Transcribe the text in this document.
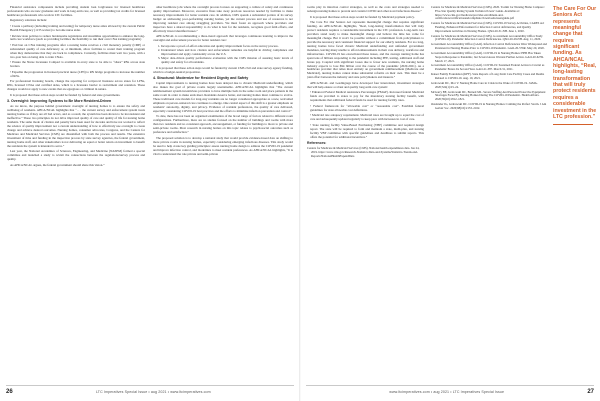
Financial assistance components include providing student loan forgiveness for licensed healthcare professionals who are new graduates and work in long-term care, as well as providing tax credits for licensed healthcare professionals who work in LTC facilities.

Regulatory solutions include:

• Create a pathway (including training and testing) for temporary nurse aides allowed by the current Public Health Emergency (1135 waiver) to become nurse aides

• Review state policies to reduce burdensome regulations and streamline opportunities to enhance the long-term care workforce (such as providing facilities the flexibility to run their own CNA training programs)

• End ban on CNA training programs after a nursing home receives a civil monetary penalty (CMP) or substandard quality of care deficiency or, at minimum, allow facilities to restart their training program when they demonstrate that they are back in compliance. Currently, facilities must wait two years, with a two-year ban on being able to train CNAs.

• Ensure the Nurse Licensure Compact is available in every state to be able to “share” RNs across state borders.

• Expedite the progression in licensed practical nurse (LPN) to RN bridge programs to increase the number of RNs.

For professional licensing boards, change the reporting for reciprocal licensure across states for LPNs, RNs, licensed CNAs and certified aides, which is a licensure barrier to recruitment and retention. These changes would not apply to new events that are egregious or criminal in nature.

It is proposed that these action steps would be funded by federal and state governments.

3. Oversight: Improving Systems to Be More Resident-Driven

As we know, the purpose behind government oversight of nursing homes is to ensure the safety and wellbeing of residents. AHCA/NCAL highlights that “. . . the current survey and enforcement system treats nursing homes as if they are all bad actors, and as a result, the system has been shown to be inconsistent and ineffective.” These two principles do not drive improved quality of care and quality of life for nursing home residents. The same mode of citation and penalty have been used for decades and have not worked to reflect the science of quality improvement nor a current understanding of how to effectively use oversight to create change and achieve desired outcomes. Nursing homes, consumer advocates, Congress, and the Centers for Medicare and Medicaid Services (CMS) are dissatisfied with both the process and results. The extensive investment of time and funding in the inspection process by state survey agencies, the federal government, nursing home staff, and other stakeholders is not delivering an equal or better return on investment to benefit the residents the system is intended to serve.”

Last year, the National Academies of Sciences, Engineering, and Medicine (NASEM) formed a special committee and launched a study to revisit the connections between the regulations/survey process and quality.

As AHCA/NCAL argues, the federal government should share this vision.”

other healthcare jobs where the oversight process focuses on supporting a culture of safety and continuous quality improvement. Moreover, excessive fines take away precious resources needed by facilities to make necessary improvements for better resident care. In addition, CMS spends a substantial portion of its survey budget on addressing poor-performing nursing homes, yet the current process and use of resources is not improving resident care among struggling providers. We must foster an approach where providers and inspectors have a shared responsibility to do what is best for the residents, recognize good faith efforts, and effectively invest identified issues.”

AHCA/NCAL is recommending a three-tiered approach that leverages continuous learning to improve the oversight and enforcement process for better resident care:

1. Incorporate a proof-of-effort education and quality improvement focus on the survey process.
2. Understand when and how citation and enforcement remedies are helpful in driving compliance and improvement and apply consistently across the U.S.
3. Major data-driven quality performance evaluation with the CMS mission of assuring basic levels of quality and safety for all residents.

It is proposed that these action steps would be funded by current CMS civil and state survey agency funding, which is a budget-neutral proposition.

4. Structural: Modernize for Resident Dignity and Safety

Capital improvements to nursing homes have been delayed due to chronic Medicaid underfunding, which also makes the goal of private rooms largely unattainable. AHCA/NCAL highlights that “The current reimbursement system incentivizes providers to have multiple beds in the same room and place patients in the same room in order to make ends meet. Residents deserve better, and nursing homes must continue to evolve. These traditional care models for long-stay residents are no longer considered appropriate as a new, welcomed emphasis on person-centered care continues to emerge. One central aspect of this shift is a greater emphasis on residents’ autonomy, dignity, and privacy. Evidence of resident preferences, the quality of care delivered, especially considering COVID-19 best practices and the efforts to minimize infection prevention and control.”

To date, there has not been an organized examination of the broad range of factors related to different room configurations. Furthermore, there are no studies focused on the number of buildings and rooms with more than two residents and no consistent approach, encouragement, or funding for buildings to move to private and semi-private rooms. Most research in nursing homes on this topic relates to psychosocial outcomes such as preference and satisfaction.”

The proposed solution is to develop a national study that would provide evidence-based data on shifting to more private rooms in nursing homes, especially considering emerging infectious diseases. This study would be used to help create key guiding principles: assess nursing home design to address the COVID-19 pandemic and improve infection control, and modernize to meet resident preferences. As AHCA/NCAL highlights, “It is vital to understand the role private and semi-private

rooms play in infection control strategies, as well as the costs and strategies needed to redesign nursing homes to prevent and contain COVID and other novel infectious disease.”

It is proposed that these action steps would be funded by Medicaid payment policy.

The Care For Our Seniors Act represents meaningful change that requires significant funding. As AHCA/NCAL highlights, “Real, long-lasting transformation that will truly protect residents requires a considerable investment in the LTC profession. Long-term care providers stand ready to make meaningful change and believe the time has come for meaningful change. But it won’t be possible without a commitment from policymakers to provide the necessary and consistent financial support for our elderly residents. For too long, nursing homes have faced chronic Medicaid underfunding and unfunded government mandates, leaving many unable to afford enhancements in their care delivery, workforce and infrastructure. COVID-19 has exacerbated these issues, and the average nursing home has spent tens of billions responding to the pandemic including PPE, testing, additional staff and bonus pay. Coupled with significant losses due to fewer new residents, the nursing home industry expects to lose $94 billion over the course of the pandemic (2020-2021). As a healthcare provider that relies most entirely on government reimbursement (Medicare and Medicaid), nursing homes cannot make substantial reforms on their own. This must be a joint effort between the industry and state policymakers and insurers.”

AHCA/NCAL and LeadingAge have developed four interrelated, investment strategies that will help ensure a robust and quality long-term care system:

• Enhanced Federal Medical Assistance Percentages (FMAP). Increased federal Medicaid funds are provided to states to pay for the mandatory nursing facility benefit, with requirements that additional federal funds be used for nursing facility rates.

• Federal framework for “allowable cost” or “reasonable cost”. Establish federal guidelines for state allowable cost definitions.

• Medicaid rate adequacy requirement. Medicaid rates are brought up to equal the cost of care and subsequently updated regularly to keep pace with increases in cost of care.

• State nursing facility Value-Based Purchasing (VBP) committee and required design report. The state will be required to form and maintain a state, multi-plan, and nursing facility VBP committee with specific guidelines and deadlines to submit reports. This offers the potential for additional incentives.”

References:

Centers for Medicare & Medicaid Services (CMS). National health expenditures data. Jan 24, 2019. https://www.cms.gov/Research-Statistics-Data-and-Systems/Statistics-Trends-and-Reports/NationalHealthExpendData

Centers for Medicare & Medicaid Services (CMS). 2020. Toolkit for Nursing Home Compare: Five-Star Quality Rating System Technical Users’ Guide. Available at: https://www.cms.gov/medicare/provider-enrollment-and-certification/certificationandcomplianc/downloads/usersguide.pdf

Centers for Medicare & Medicaid Services (CMS). COVID-19 Survey Activities, CARES Act Funding, Enhanced Enforcement for Infection Control deficiencies, and Quality Improvement Activities in Nursing Homes. QSO-20-31-NH. June 1, 2020.

Centers for Medicare & Medicaid Services (CMS). Government Accountability Office Study (COVID-19). Pandemic Infection Control Deficiencies. QSO-20-29-NH. Aug. 11, 2020.

Government Accountability Office (GAO). Infection Control Deficiencies Were Widespread and Persistent in Nursing Homes Prior to COVID-19 Pandemic. GAO-20-576R. May 20, 2020.

Government Accountability Office (GAO). COVID-19 in Nursing Homes: HHS Has Taken Steps in Response to Pandemic, but Several Areas Warrant Further Action. GAO-20-627R. March 17, 2021.

Government Accountability Office (GAO). COVID-19: Sustained Federal Action is Crucial as Pandemic Enters Its Second Year. GAO-21-387. March 31, 2021.

Kaiser Family Foundation (KFF). State Reports of Long-Term Care Facility Cases and Deaths Related to COVID-19. Aug. 19, 2021.

Grabowski DC, Mor V. Nursing Home Care in Crisis in the Wake of COVID-19. JAMA. 2020;324(1):23–24.

McGarry BE, Grabowski DC, Barnett ML. Severe Staffing And Personal Protective Equipment Shortages Faced By Nursing Homes During The COVID-19 Pandemic. Health Affairs. 2020;39(10):1812–1821.

Ouslander JG, Grabowski DC. COVID-19 in Nursing Homes: Calming the Perfect Storm. J Am Geriatr Soc. 2020;68(10):2153–2162.

The Care For Our Seniors Act represents meaningful change that requires significant funding. As AHCA/NCAL highlights, “Real, long-lasting transformation that will truly protect residents requires a considerable investment in the LTC profession.”
26	LTC Imperatives Special Issue • aug 2021 • www.ltcimperatives.com	www.ltcimperatives.com • aug 2021 • LTC Imperatives Special Issue	27
